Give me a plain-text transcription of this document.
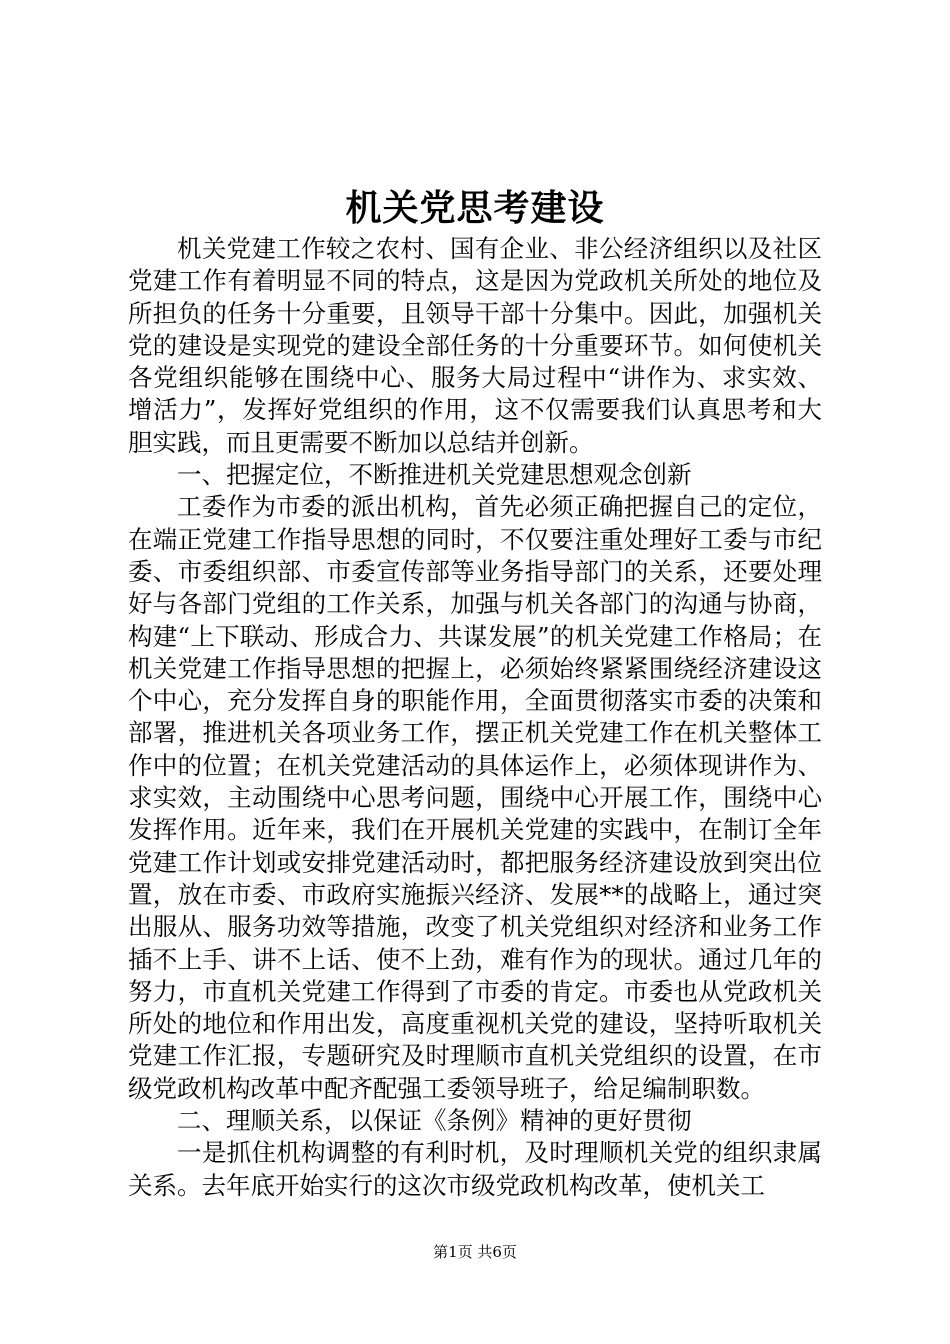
机关党思考建设

机关党建工作较之农村、国有企业、非公经济组织以及社区党建工作有着明显不同的特点，这是因为党政机关所处的地位及所担负的任务十分重要，且领导干部十分集中。因此，加强机关党的建设是实现党的建设全部任务的十分重要环节。如何使机关各党组织能够在围绕中心、服务大局过程中“讲作为、求实效、增活力”，发挥好党组织的作用，这不仅需要我们认真思考和大胆实践，而且更需要不断加以总结并创新。

一、把握定位，不断推进机关党建思想观念创新

工委作为市委的派出机构，首先必须正确把握自己的定位，在端正党建工作指导思想的同时，不仅要注重处理好工委与市纪委、市委组织部、市委宣传部等业务指导部门的关系，还要处理好与各部门党组的工作关系，加强与机关各部门的沟通与协商，构建“上下联动、形成合力、共谋发展”的机关党建工作格局；在机关党建工作指导思想的把握上，必须始终紧紧围绕经济建设这个中心，充分发挥自身的职能作用，全面贯彻落实市委的决策和部署，推进机关各项业务工作，摆正机关党建工作在机关整体工作中的位置；在机关党建活动的具体运作上，必须体现讲作为、求实效，主动围绕中心思考问题，围绕中心开展工作，围绕中心发挥作用。近年来，我们在开展机关党建的实践中，在制订全年党建工作计划或安排党建活动时，都把服务经济建设放到突出位置，放在市委、市政府实施振兴经济、发展**的战略上，通过突出服从、服务功效等措施，改变了机关党组织对经济和业务工作插不上手、讲不上话、使不上劲，难有作为的现状。通过几年的努力，市直机关党建工作得到了市委的肯定。市委也从党政机关所处的地位和作用出发，高度重视机关党的建设，坚持听取机关党建工作汇报，专题研究及时理顺市直机关党组织的设置，在市级党政机构改革中配齐配强工委领导班子，给足编制职数。

二、理顺关系，以保证《条例》精神的更好贯彻

一是抓住机构调整的有利时机，及时理顺机关党的组织隶属关系。去年底开始实行的这次市级党政机构改革，使机关工

第1页 共6页
